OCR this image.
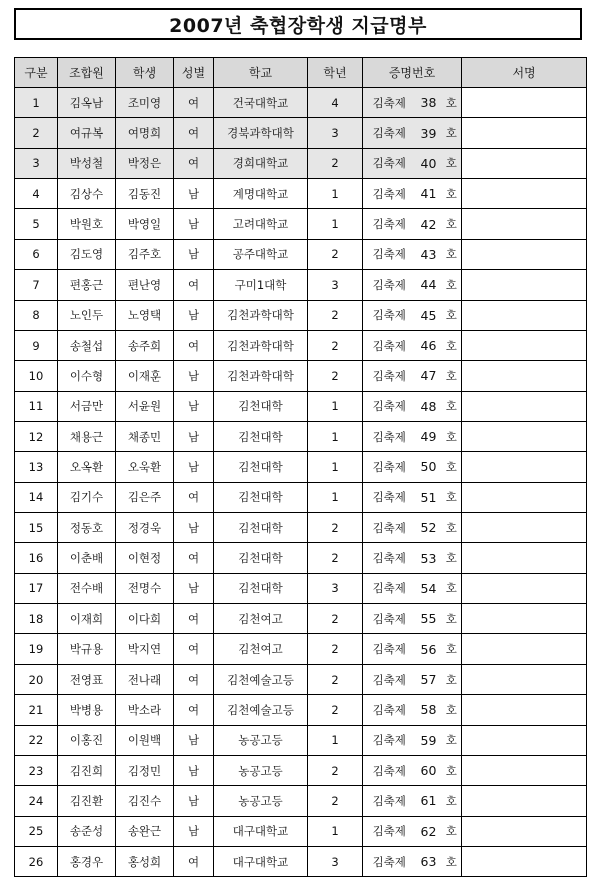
2007년 축협장학생 지급명부
구분	조합원	학생	성별	학교	학년	증명번호			서명
1	김옥남	조미영	여	건국대학교	4	김축제	38	호	
2	여규복	여명희	여	경북과학대학	3	김축제	39	호	
3	박성철	박정은	여	경희대학교	2	김축제	40	호	
4	김상수	김동진	남	계명대학교	1	김축제	41	호	
5	박원호	박영일	남	고려대학교	1	김축제	42	호	
6	김도영	김주호	남	공주대학교	2	김축제	43	호	
7	편홍근	편난영	여	구미1대학	3	김축제	44	호	
8	노인두	노영택	남	김천과학대학	2	김축제	45	호	
9	송철섭	송주희	여	김천과학대학	2	김축제	46	호	
10	이수형	이재훈	남	김천과학대학	2	김축제	47	호	
11	서금만	서윤원	남	김천대학	1	김축제	48	호	
12	채용근	채종민	남	김천대학	1	김축제	49	호	
13	오옥환	오욱환	남	김천대학	1	김축제	50	호	
14	김기수	김은주	여	김천대학	1	김축제	51	호	
15	정동호	정경욱	남	김천대학	2	김축제	52	호	
16	이춘배	이현정	여	김천대학	2	김축제	53	호	
17	전수배	전명수	남	김천대학	3	김축제	54	호	
18	이재희	이다희	여	김천여고	2	김축제	55	호	
19	박규용	박지연	여	김천여고	2	김축제	56	호	
20	전영표	전나래	여	김천예술고등	2	김축제	57	호	
21	박병용	박소라	여	김천예술고등	2	김축제	58	호	
22	이홍진	이원백	남	농공고등	1	김축제	59	호	
23	김진희	김정민	남	농공고등	2	김축제	60	호	
24	김진환	김진수	남	농공고등	2	김축제	61	호	
25	송준성	송완근	남	대구대학교	1	김축제	62	호	
26	홍경우	홍성희	여	대구대학교	3	김축제	63	호	
